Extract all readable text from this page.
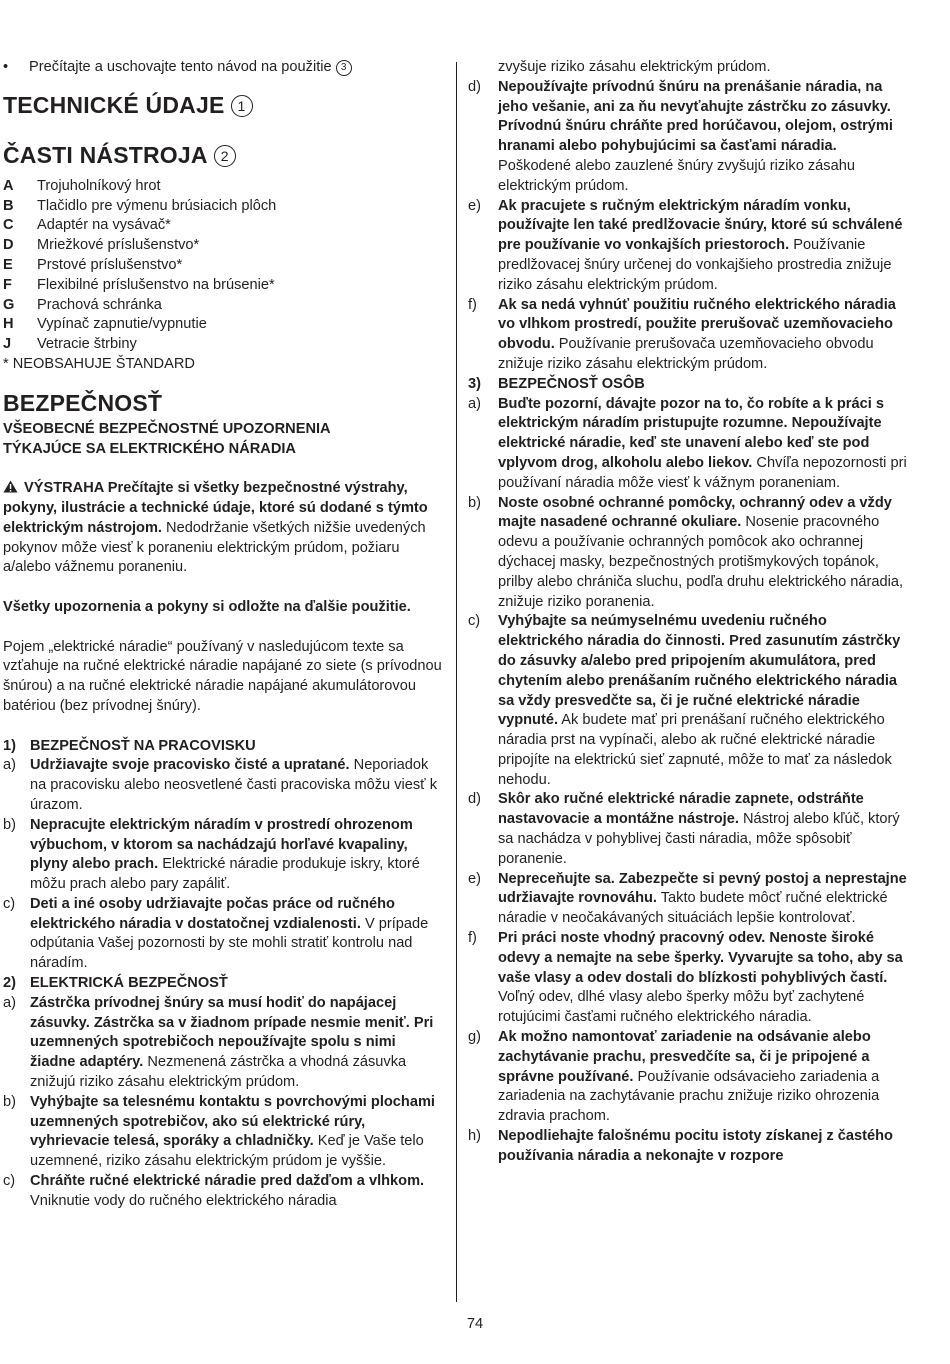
•	Prečítajte a uschovajte tento návod na použitie 3
TECHNICKÉ ÚDAJE 1
ČASTI NÁSTROJA 2
A	Trojuholníkový hrot
B	Tlačidlo pre výmenu brúsiacich plôch
C	Adaptér na vysávač*
D	Mriežkové príslušenstvo*
E	Prstové príslušenstvo*
F	Flexibilné príslušenstvo na brúsenie*
G	Prachová schránka
H	Vypínač zapnutie/vypnutie
J	Vetracie štrbiny
* NEOBSAHUJE ŠTANDARD
BEZPEČNOSŤ
VŠEOBECNÉ BEZPEČNOSTNÉ UPOZORNENIA
TÝKAJÚCE SA ELEKTRICKÉHO NÁRADIA
VÝSTRAHA Prečítajte si všetky bezpečnostné výstrahy, pokyny, ilustrácie a technické údaje, ktoré sú dodané s týmto elektrickým nástrojom. Nedodržanie všetkých nižšie uvedených pokynov môže viesť k poraneniu elektrickým prúdom, požiaru a/alebo vážnemu poraneniu.
Všetky upozornenia a pokyny si odložte na ďalšie použitie.
Pojem „elektrické náradie“ používaný v nasledujúcom texte sa vzťahuje na ručné elektrické náradie napájané zo siete (s prívodnou šnúrou) a na ručné elektrické náradie napájané akumulátorovou batériou (bez prívodnej šnúry).
1) BEZPEČNOSŤ NA PRACOVISKU
a) Udržiavajte svoje pracovisko čisté a upratané. Neporiadok na pracovisku alebo neosvetlené časti pracoviska môžu viesť k úrazom.
b) Nepracujte elektrickým náradím v prostredí ohrozenom výbuchom, v ktorom sa nachádzajú horľavé kvapaliny, plyny alebo prach. Elektrické náradie produkuje iskry, ktoré môžu prach alebo pary zapáliť.
c)	Deti a iné osoby udržiavajte počas práce od ručného elektrického náradia v dostatočnej vzdialenosti. V prípade odpútania Vašej pozornosti by ste mohli stratiť kontrolu nad náradím.
2) ELEKTRICKÁ BEZPEČNOSŤ
a) Zástrčka prívodnej šnúry sa musí hodiť do napájacej zásuvky. Zástrčka sa v žiadnom prípade nesmie meniť. Pri uzemnených spotrebičoch nepoužívajte spolu s nimi žiadne adaptéry. Nezmenená zástrčka a vhodná zásuvka znižujú riziko zásahu elektrickým prúdom.
b) Vyhýbajte sa telesnému kontaktu s povrchovými plochami uzemnených spotrebičov, ako sú elektrické rúry, vyhrievacie telesá, sporáky a chladničky. Keď je Vaše telo uzemnené, riziko zásahu elektrickým prúdom je vyššie.
c)	Chráňte ručné elektrické náradie pred dažďom a vlhkom. Vniknutie vody do ručného elektrického náradia
zvyšuje riziko zásahu elektrickým prúdom.
d)	Nepoužívajte prívodnú šnúru na prenášanie náradia, na jeho vešanie, ani za ňu nevyťahujte zástrčku zo zásuvky. Prívodnú šnúru chráňte pred horúčavou, olejom, ostrými hranami alebo pohybujúcimi sa časťami náradia. Poškodené alebo zauzlené šnúry zvyšujú riziko zásahu elektrickým prúdom.
e)	Ak pracujete s ručným elektrickým náradím vonku, používajte len také predlžovacie šnúry, ktoré sú schválené pre používanie vo vonkajších priestoroch. Používanie predlžovacej šnúry určenej do vonkajšieho prostredia znižuje riziko zásahu elektrickým prúdom.
f)	Ak sa nedá vyhnúť použitiu ručného elektrického náradia vo vlhkom prostredí, použite prerušovač uzemňovacieho obvodu. Používanie prerušovača uzemňovacieho obvodu znižuje riziko zásahu elektrickým prúdom.
3)	BEZPEČNOSŤ OSÔB
a)	Buďte pozorní, dávajte pozor na to, čo robíte a k práci s elektrickým náradím pristupujte rozumne. Nepoužívajte elektrické náradie, keď ste unavení alebo keď ste pod vplyvom drog, alkoholu alebo liekov. Chvíľa nepozornosti pri používaní náradia môže viesť k vážnym poraneniam.
b)	Noste osobné ochranné pomôcky, ochranný odev a vždy majte nasadené ochranné okuliare. Nosenie pracovného odevu a používanie ochranných pomôcok ako ochrannej dýchacej masky, bezpečnostných protišmykových topánok, prilby alebo chrániča sluchu, podľa druhu elektrického náradia, znižuje riziko poranenia.
c)	Vyhýbajte sa neúmyselnému uvedeniu ručného elektrického náradia do činnosti. Pred zasunutím zástrčky do zásuvky a/alebo pred pripojením akumulátora, pred chytením alebo prenášaním ručného elektrického náradia sa vždy presvedčte sa, či je ručné elektrické náradie vypnuté. Ak budete mať pri prenášaní ručného elektrického náradia prst na vypínači, alebo ak ručné elektrické náradie pripojíte na elektrickú sieť zapnuté, môže to mať za následok nehodu.
d)	Skôr ako ručné elektrické náradie zapnete, odstráňte nastavovacie a montážne nástroje. Nástroj alebo kľúč, ktorý sa nachádza v pohyblivej časti náradia, môže spôsobiť poranenie.
e)	Nepreceňujte sa. Zabezpečte si pevný postoj a neprestajne udržiavajte rovnováhu. Takto budete môcť ručné elektrické náradie v neočakávaných situáciách lepšie kontrolovať.
f)	Pri práci noste vhodný pracovný odev. Nenoste široké odevy a nemajte na sebe šperky. Vyvarujte sa toho, aby sa vaše vlasy a odev dostali do blízkosti pohyblivých častí. Voľný odev, dlhé vlasy alebo šperky môžu byť zachytené rotujúcimi časťami ručného elektrického náradia.
g)	Ak možno namontovať zariadenie na odsávanie alebo zachytávanie prachu, presvedčíte sa, či je pripojené a správne používané. Používanie odsávacieho zariadenia a zariadenia na zachytávanie prachu znižuje riziko ohrozenia zdravia prachom.
h)	Nepodliehajte falošnému pocitu istoty získanej z častého používania náradia a nekonajte v rozpore
74
